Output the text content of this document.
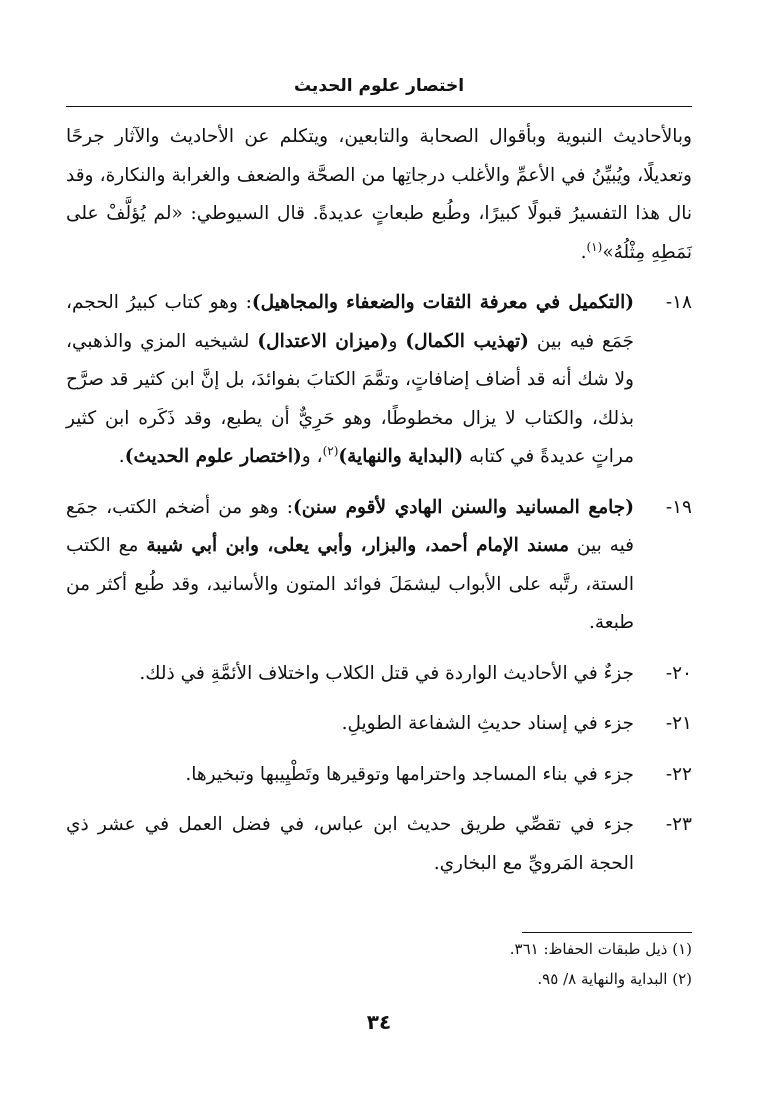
اختصار علوم الحديث

وبالأحاديث النبوية وبأقوال الصحابة والتابعين، ويتكلم عن الأحاديث والآثار جرحًا وتعديلًا، ويُبيِّنُ في الأعمِّ والأغلب درجاتِها من الصحَّة والضعف والغرابة والنكارة، وقد نال هذا التفسيرُ قبولًا كبيرًا، وطُبع طبعاتٍ عديدةً. قال السيوطي: «لم يُؤلَّفْ على نَمَطِهِ مِثْلُهُ»$^{(١)}$.

١٨-
(التكميل في معرفة الثقات والضعفاء والمجاهيل): وهو كتاب كبيرُ الحجم، جَمَع فيه بين (تهذيب الكمال) و(ميزان الاعتدال) لشيخيه المزي والذهبي، ولا شك أنه قد أضاف إضافاتٍ، وتمَّمَ الكتابَ بفوائدَ، بل إنَّ ابن كثير قد صرَّح بذلك، والكتاب لا يزال مخطوطًا، وهو حَرِيٌّ أن يطبع، وقد ذَكَره ابن كثير مراتٍ عديدةً في كتابه (البداية والنهاية)$^{(٢)}$، و(اختصار علوم الحديث).
١٩-
(جامع المسانيد والسنن الهادي لأقوم سنن): وهو من أضخم الكتب، جمَع فيه بين مسند الإمام أحمد، والبزار، وأبي يعلى، وابن أبي شيبة مع الكتب الستة، رتَّبه على الأبواب ليشمَلَ فوائد المتون والأسانيد، وقد طُبع أكثر من طبعة.
٢٠-
جزءٌ في الأحاديث الواردة في قتل الكلاب واختلاف الأئمَّةِ في ذلك.
٢١-
جزء في إسناد حديثِ الشفاعة الطويلِ.
٢٢-
جزء في بناء المساجد واحترامها وتوقيرها وتَطْيِيبها وتبخيرها.
٢٣-
جزء في تقصِّي طريق حديث ابن عباس، في فضل العمل في عشر ذي الحجة المَرويِّ مع البخاري.
(١) ذيل طبقات الحفاظ: ٣٦١.
(٢) البداية والنهاية ٨/ ٩٥.
٣٤
